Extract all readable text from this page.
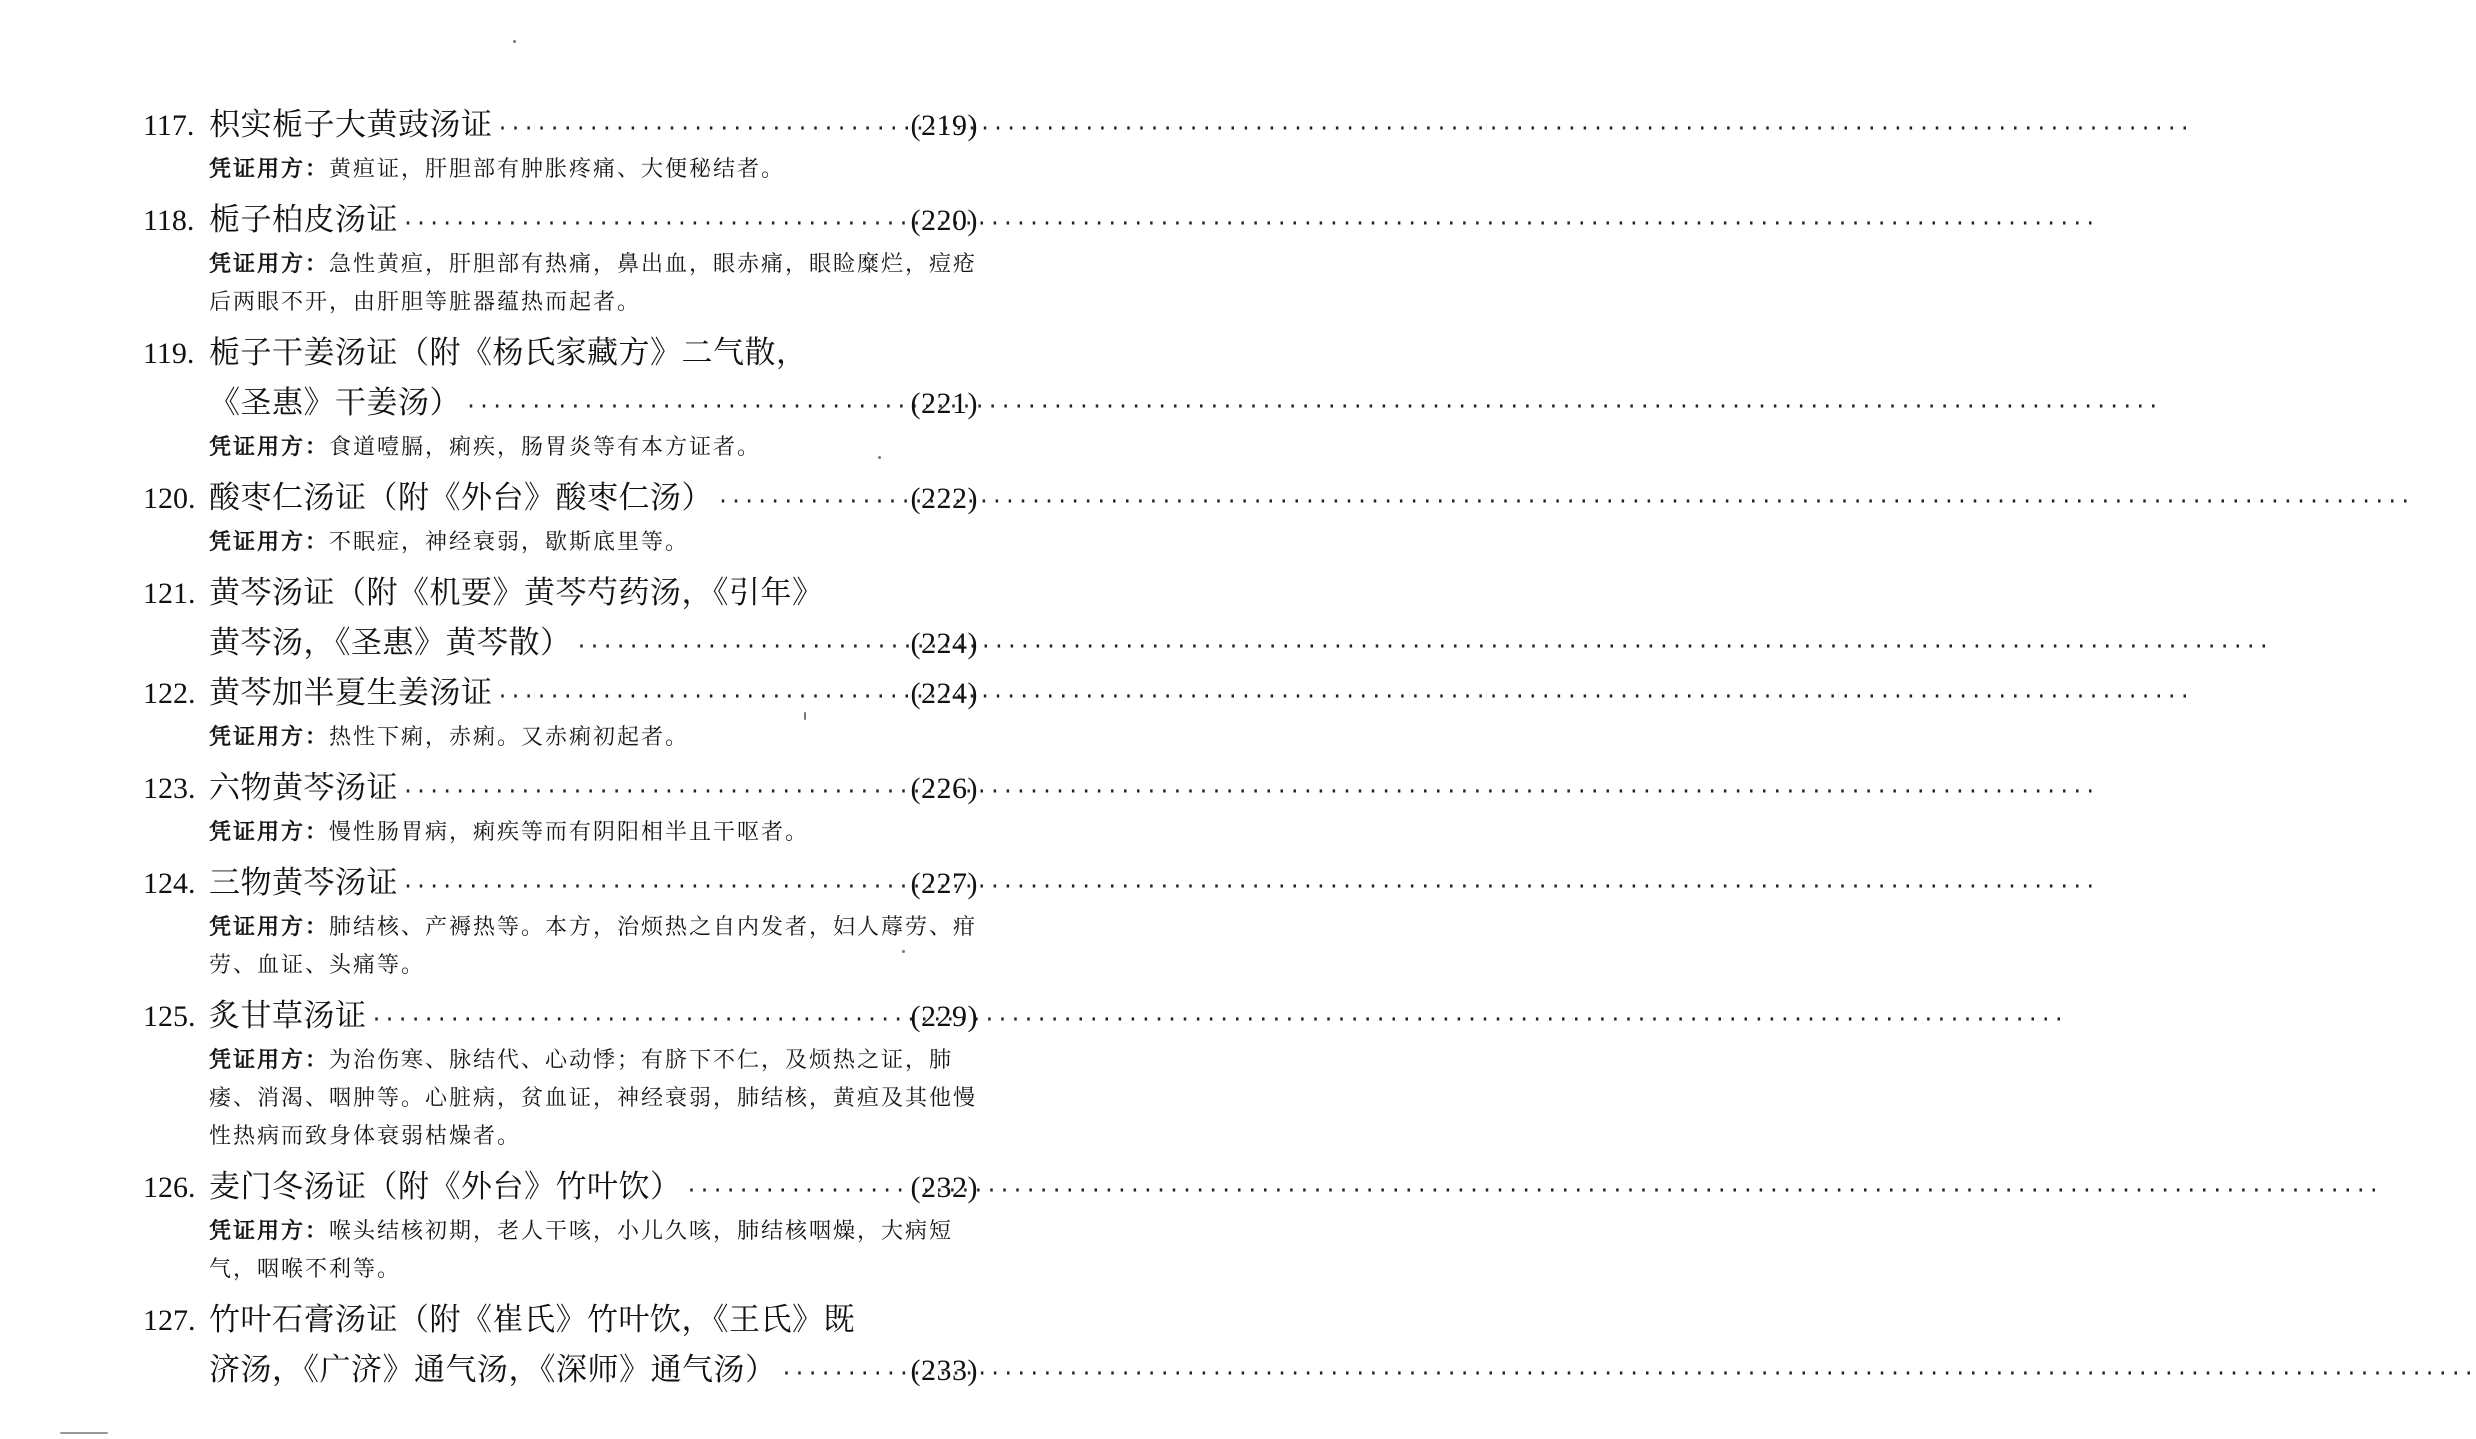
117. 枳实栀子大黄豉汤证 ·····	(219)
凭证用方：黄疸证，肝胆部有肿胀疼痛、大便秘结者。
118. 栀子柏皮汤证 ·····	(220)
凭证用方：急性黄疸，肝胆部有热痛，鼻出血，眼赤痛，眼睑糜烂，痘疮后两眼不开，由肝胆等脏器蕴热而起者。
119. 栀子干姜汤证（附《杨氏家藏方》二气散，
《圣惠》干姜汤） ·····	(221)
凭证用方：食道噎膈，痢疾，肠胃炎等有本方证者。
120. 酸枣仁汤证（附《外台》酸枣仁汤） ·····	(222)
凭证用方：不眠症，神经衰弱，歇斯底里等。
121. 黄芩汤证（附《机要》黄芩芍药汤，《引年》
黄芩汤，《圣惠》黄芩散） ·····	(224)
122. 黄芩加半夏生姜汤证 ·····	(224)
凭证用方：热性下痢，赤痢。又赤痢初起者。
123. 六物黄芩汤证 ·····	(226)
凭证用方：慢性肠胃病，痢疾等而有阴阳相半且干呕者。
124. 三物黄芩汤证 ·····	(227)
凭证用方：肺结核、产褥热等。本方，治烦热之自内发者，妇人蓐劳、疳劳、血证、头痛等。
125. 炙甘草汤证 ·····	(229)
凭证用方：为治伤寒、脉结代、心动悸；有脐下不仁，及烦热之证，肺痿、消渴、咽肿等。心脏病，贫血证，神经衰弱，肺结核，黄疸及其他慢性热病而致身体衰弱枯燥者。
126. 麦门冬汤证（附《外台》竹叶饮） ·····	(232)
凭证用方：喉头结核初期，老人干咳，小儿久咳，肺结核咽燥，大病短气，咽喉不利等。
127. 竹叶石膏汤证（附《崔氏》竹叶饮，《王氏》既
济汤，《广济》通气汤，《深师》通气汤） ·····	(233)
